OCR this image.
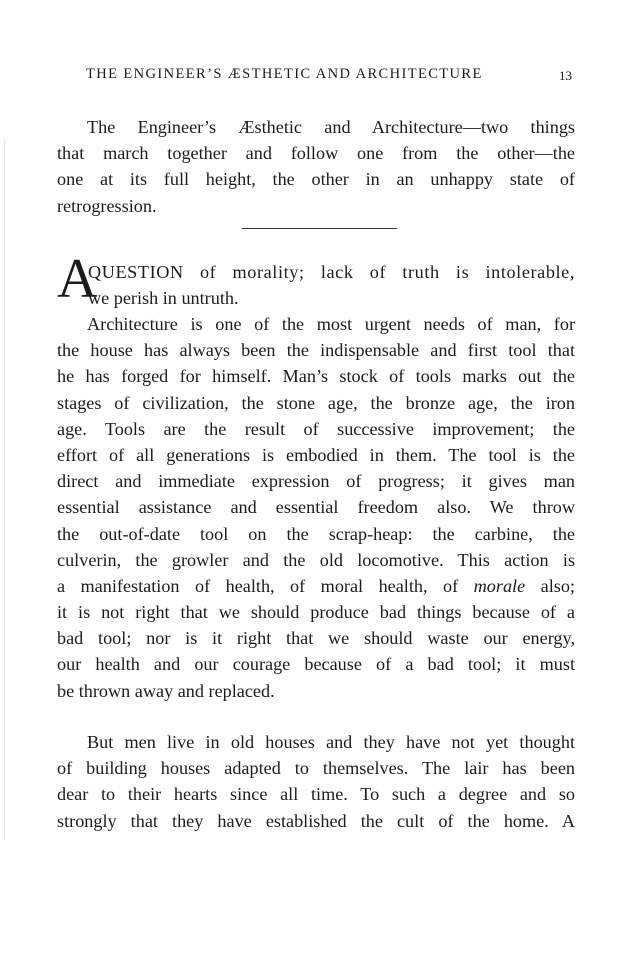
THE ENGINEER’S ÆSTHETIC AND ARCHITECTURE	13
The Engineer’s Æsthetic and Architecture—two things
that march together and follow one from the other—the
one at its full height, the other in an unhappy state of
retrogression.
A
QUESTION of morality; lack of truth is intolerable,
we perish in untruth.
Architecture is one of the most urgent needs of man, for
the house has always been the indispensable and first tool that
he has forged for himself. Man’s stock of tools marks out the
stages of civilization, the stone age, the bronze age, the iron
age. Tools are the result of successive improvement; the
effort of all generations is embodied in them. The tool is the
direct and immediate expression of progress; it gives man
essential assistance and essential freedom also. We throw
the out-of-date tool on the scrap-heap: the carbine, the
culverin, the growler and the old locomotive. This action is
a manifestation of health, of moral health, of morale also;
it is not right that we should produce bad things because of a
bad tool; nor is it right that we should waste our energy,
our health and our courage because of a bad tool; it must
be thrown away and replaced.
But men live in old houses and they have not yet thought
of building houses adapted to themselves. The lair has been
dear to their hearts since all time. To such a degree and so
strongly that they have established the cult of the home. A
